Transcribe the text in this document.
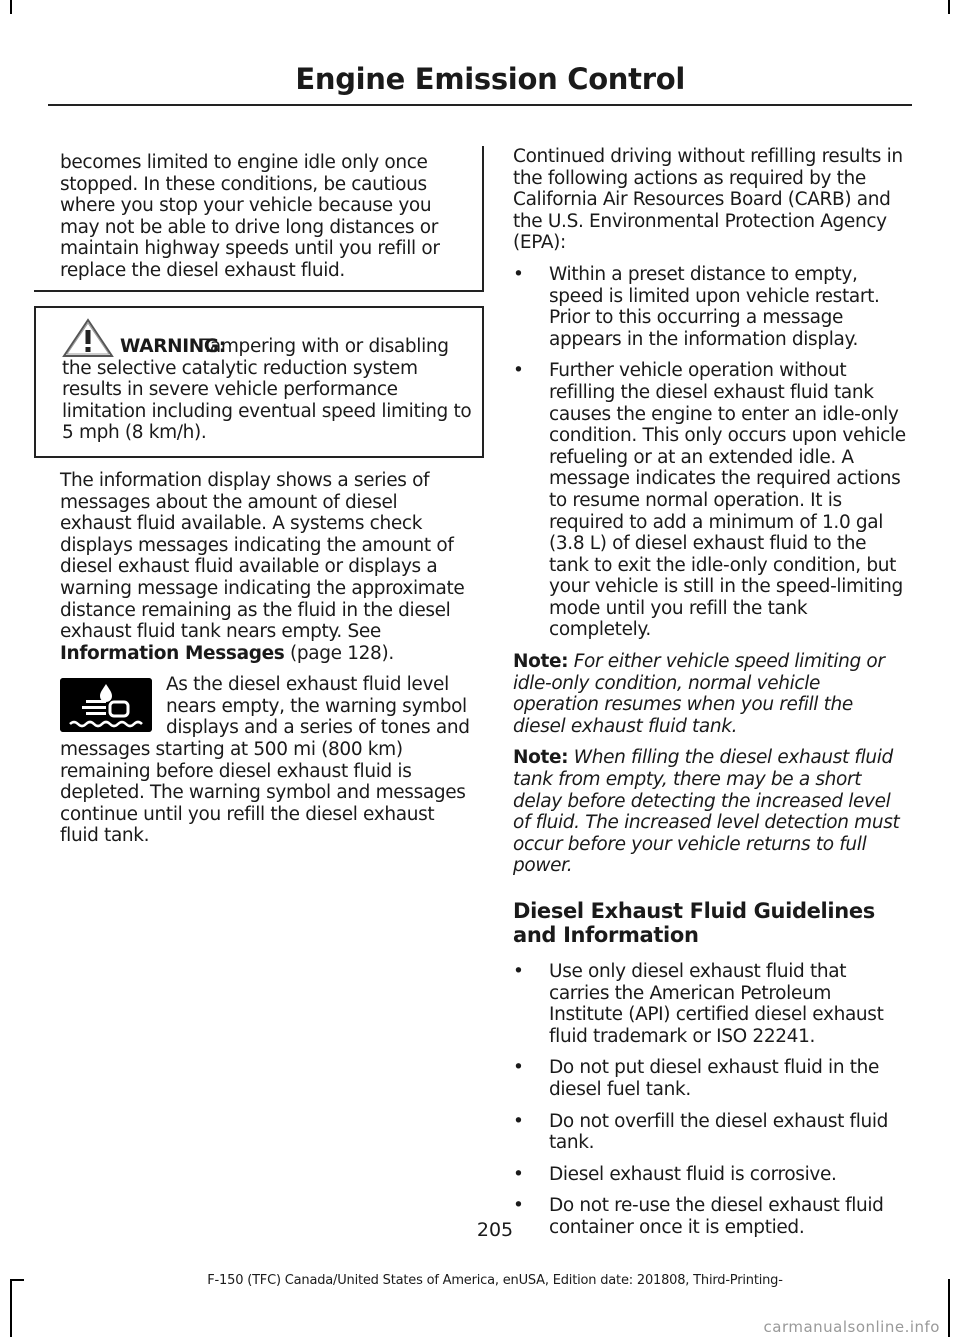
Engine Emission Control

becomes limited to engine idle only once stopped. In these conditions, be cautious where you stop your vehicle because you may not be able to drive long distances or maintain highway speeds until you refill or replace the diesel exhaust fluid.

WARNING:

Tampering with or disabling the selective catalytic reduction system results in severe vehicle performance limitation including eventual speed limiting to 5 mph (8 km/h).

The information display shows a series of messages about the amount of diesel exhaust fluid available. A systems check displays messages indicating the amount of diesel exhaust fluid available or displays a warning message indicating the approximate distance remaining as the fluid in the diesel exhaust fluid tank nears empty. See Information Messages (page 128).

As the diesel exhaust fluid level nears empty, the warning symbol displays and a series of tones and messages starting at 500 mi (800 km) remaining before diesel exhaust fluid is depleted. The warning symbol and messages continue until you refill the diesel exhaust fluid tank.

Continued driving without refilling results in the following actions as required by the California Air Resources Board (CARB) and the U.S. Environmental Protection Agency (EPA):

• Within a preset distance to empty, speed is limited upon vehicle restart. Prior to this occurring a message appears in the information display.
• Further vehicle operation without refilling the diesel exhaust fluid tank causes the engine to enter an idle-only condition. This only occurs upon vehicle refueling or at an extended idle. A message indicates the required actions to resume normal operation. It is required to add a minimum of 1.0 gal (3.8 L) of diesel exhaust fluid to the tank to exit the idle-only condition, but your vehicle is still in the speed-limiting mode until you refill the tank completely.

Note: For either vehicle speed limiting or idle-only condition, normal vehicle operation resumes when you refill the diesel exhaust fluid tank.

Note: When filling the diesel exhaust fluid tank from empty, there may be a short delay before detecting the increased level of fluid. The increased level detection must occur before your vehicle returns to full power.

Diesel Exhaust Fluid Guidelines and Information
• Use only diesel exhaust fluid that carries the American Petroleum Institute (API) certified diesel exhaust fluid trademark or ISO 22241.
• Do not put diesel exhaust fluid in the diesel fuel tank.
• Do not overfill the diesel exhaust fluid tank.
• Diesel exhaust fluid is corrosive.
• Do not re-use the diesel exhaust fluid container once it is emptied.
205
F-150 (TFC) Canada/United States of America, enUSA, Edition date: 201808, Third-Printing-
carmanualsonline.info
